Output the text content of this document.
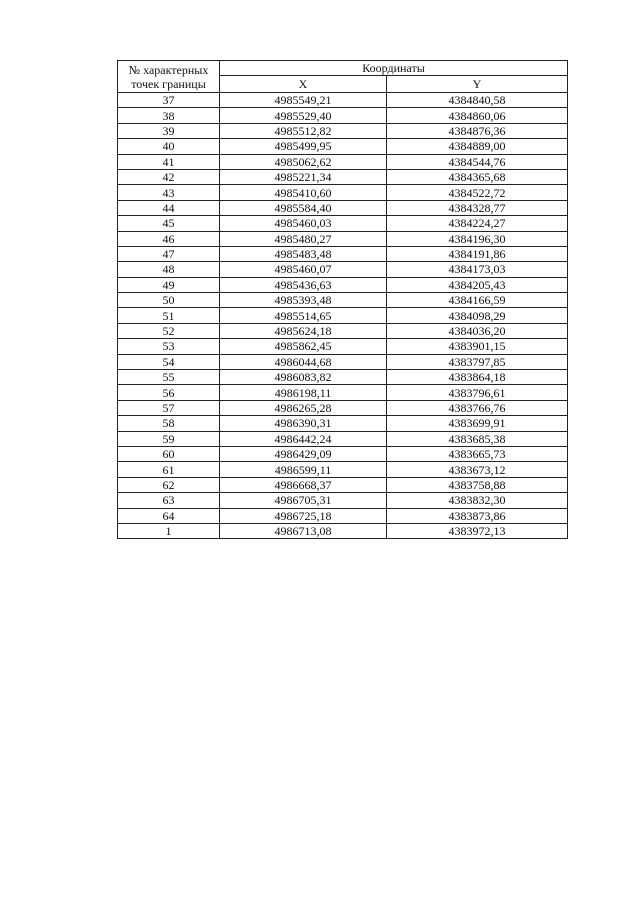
№ характерных
точек границы	Координаты	
	X	Y
37	4985549,21	4384840,58
38	4985529,40	4384860,06
39	4985512,82	4384876,36
40	4985499,95	4384889,00
41	4985062,62	4384544,76
42	4985221,34	4384365,68
43	4985410,60	4384522,72
44	4985584,40	4384328,77
45	4985460,03	4384224,27
46	4985480,27	4384196,30
47	4985483,48	4384191,86
48	4985460,07	4384173,03
49	4985436,63	4384205,43
50	4985393,48	4384166,59
51	4985514,65	4384098,29
52	4985624,18	4384036,20
53	4985862,45	4383901,15
54	4986044,68	4383797,85
55	4986083,82	4383864,18
56	4986198,11	4383796,61
57	4986265,28	4383766,76
58	4986390,31	4383699,91
59	4986442,24	4383685,38
60	4986429,09	4383665,73
61	4986599,11	4383673,12
62	4986668,37	4383758,88
63	4986705,31	4383832,30
64	4986725,18	4383873,86
1	4986713,08	4383972,13
